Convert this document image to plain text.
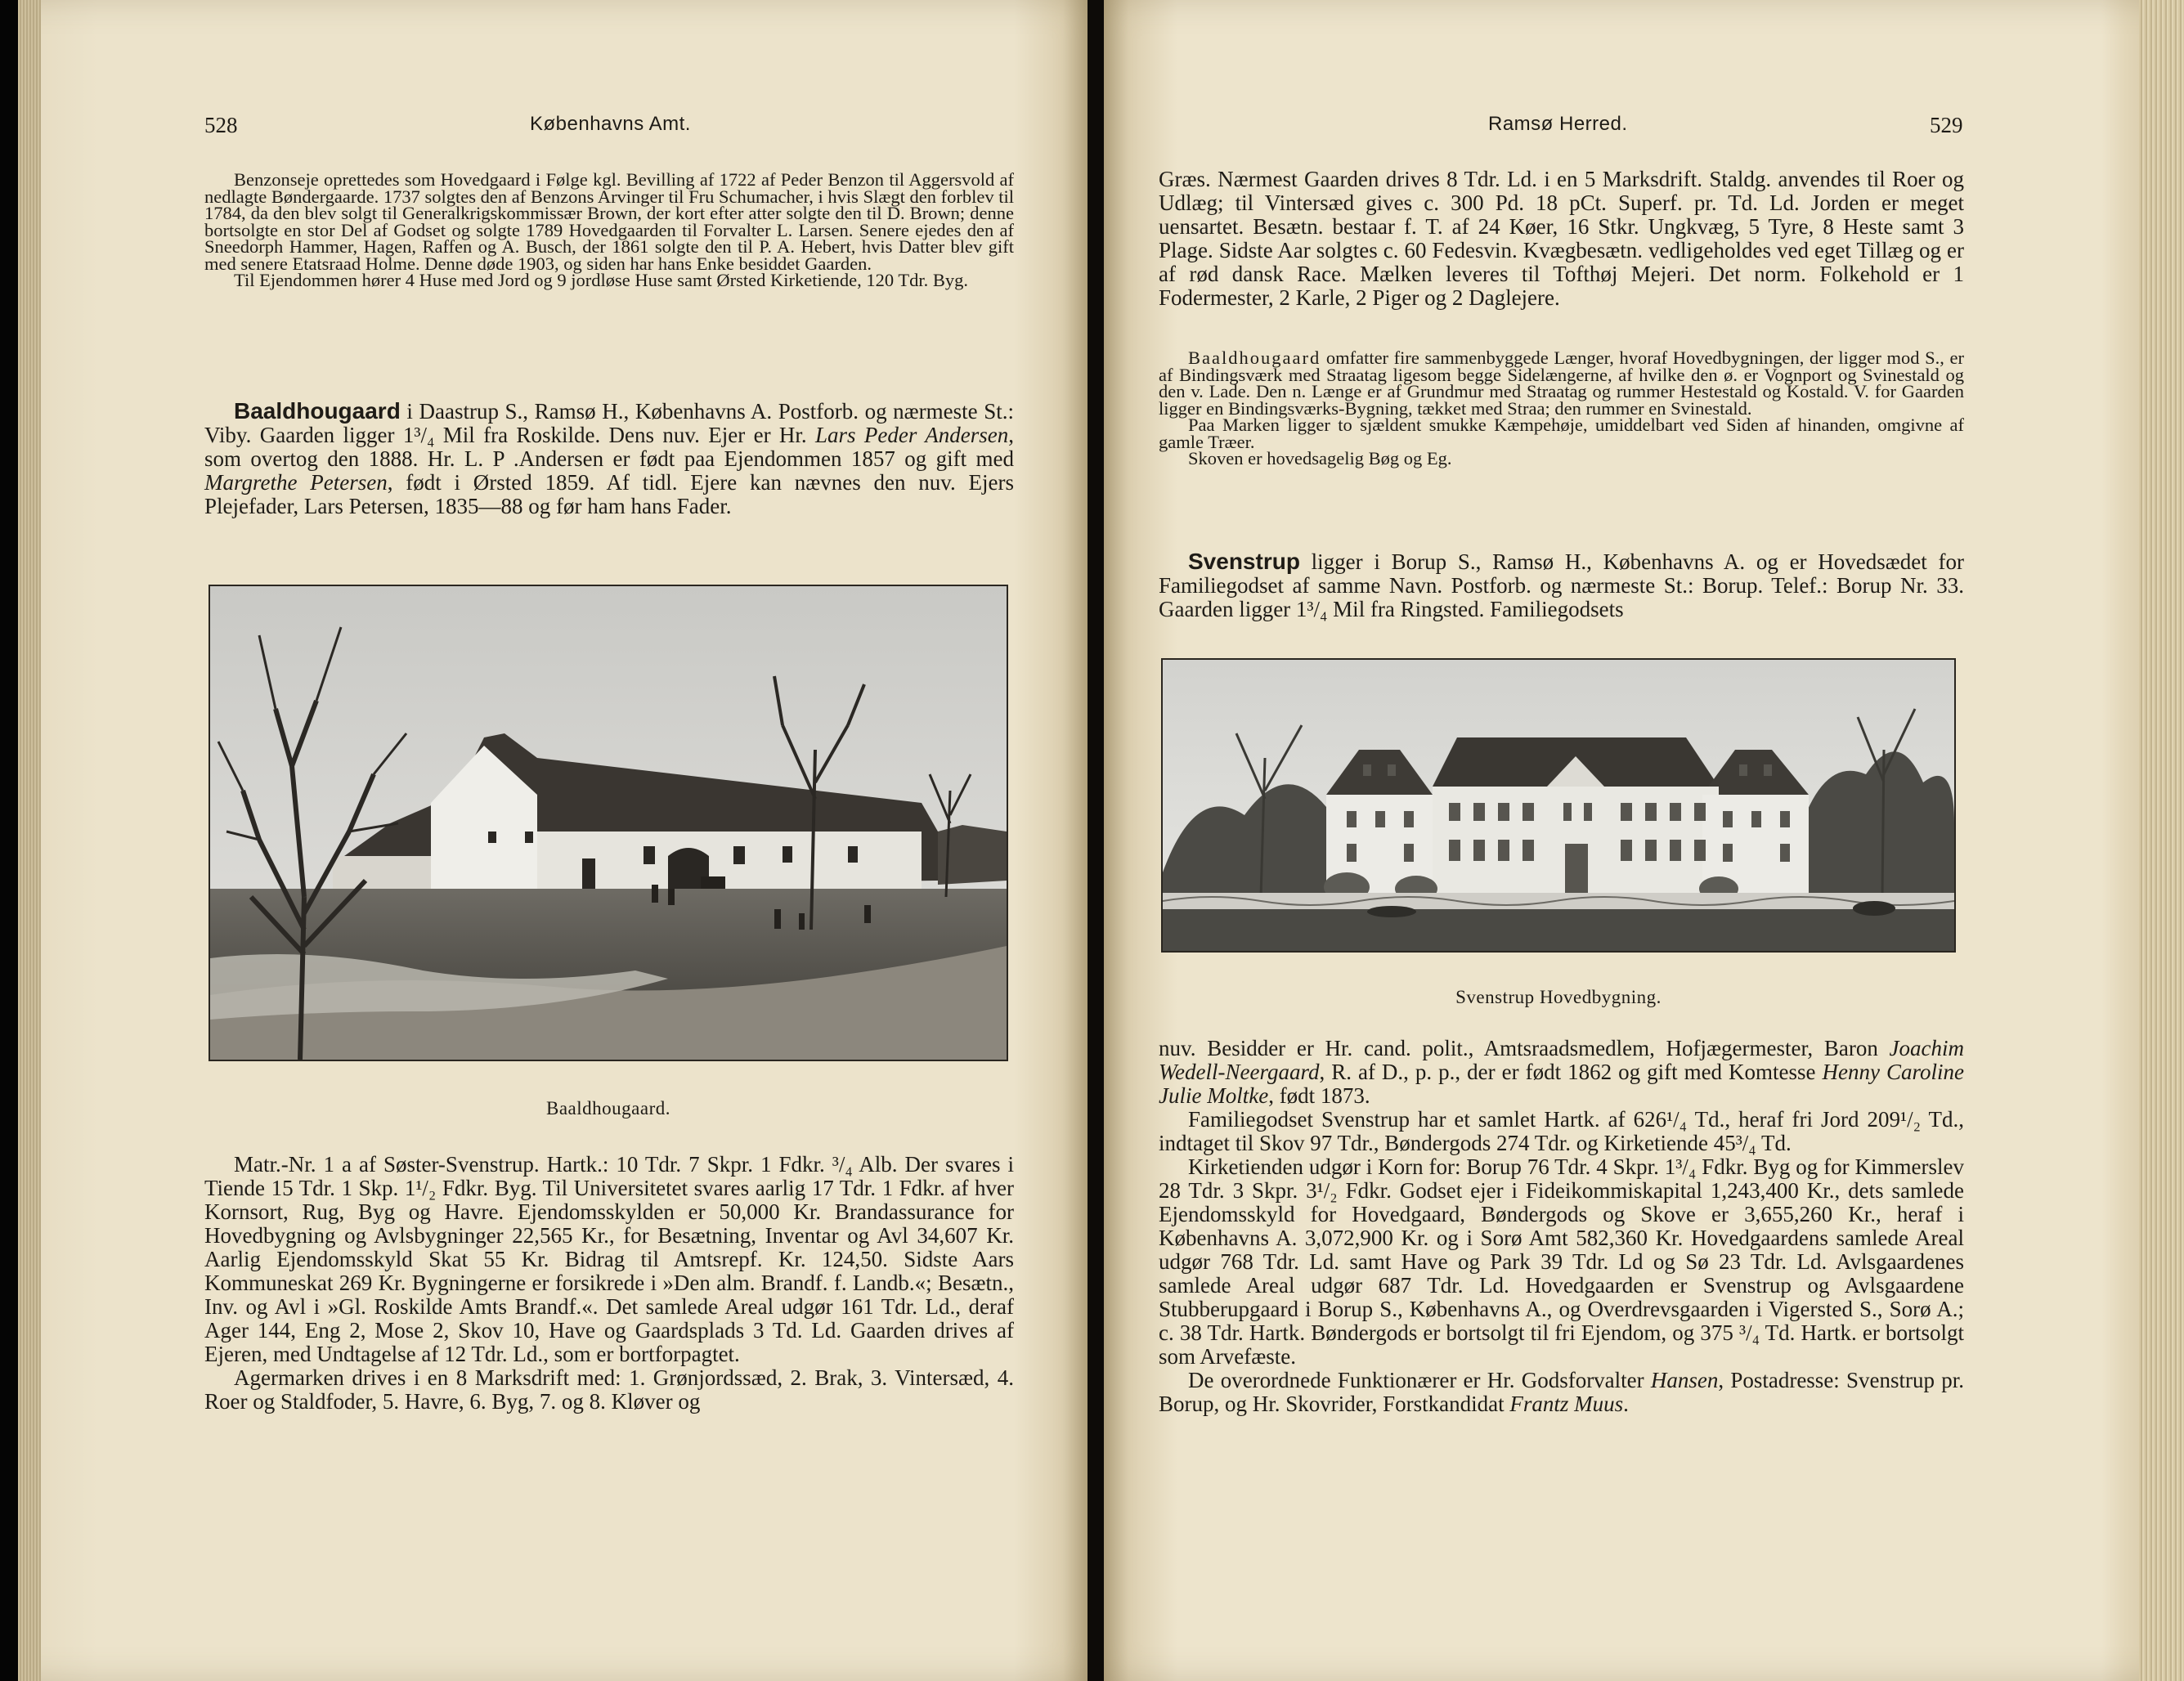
528	Københavns Amt.

Benzonseje oprettedes som Hovedgaard i Følge kgl. Bevilling af 1722 af Peder Benzon til Aggersvold af nedlagte Bøndergaarde. 1737 solgtes den af Benzons Arvinger til Fru Schumacher, i hvis Slægt den forblev til 1784, da den blev solgt til Generalkrigskommissær Brown, der kort efter atter solgte den til D. Brown; denne bortsolgte en stor Del af Godset og solgte 1789 Hovedgaarden til Forvalter L. Larsen. Senere ejedes den af Sneedorph Hammer, Hagen, Raffen og A. Busch, der 1861 solgte den til P. A. Hebert, hvis Datter blev gift med senere Etatsraad Holme. Denne døde 1903, og siden har hans Enke besiddet Gaarden.

Til Ejendommen hører 4 Huse med Jord og 9 jordløse Huse samt Ørsted Kirketiende, 120 Tdr. Byg.

Baaldhougaard i Daastrup S., Ramsø H., Københavns A. Postforb. og nærmeste St.: Viby. Gaarden ligger 1³/₄ Mil fra Roskilde. Dens nuv. Ejer er Hr. Lars Peder Andersen, som overtog den 1888. Hr. L. P .Andersen er født paa Ejendommen 1857 og gift med Margrethe Petersen, født i Ørsted 1859. Af tidl. Ejere kan nævnes den nuv. Ejers Plejefader, Lars Petersen, 1835—88 og før ham hans Fader.

Baaldhougaard.

Matr.-Nr. 1 a af Søster-Svenstrup. Hartk.: 10 Tdr. 7 Skpr. 1 Fdkr. ³/₄ Alb. Der svares i Tiende 15 Tdr. 1 Skp. 1¹/₂ Fdkr. Byg. Til Universitetet svares aarlig 17 Tdr. 1 Fdkr. af hver Kornsort, Rug, Byg og Havre. Ejendomsskylden er 50,000 Kr. Brandassurance for Hovedbygning og Avlsbygninger 22,565 Kr., for Besætning, Inventar og Avl 34,607 Kr. Aarlig Ejendomsskyld Skat 55 Kr. Bidrag til Amtsrepf. Kr. 124,50. Sidste Aars Kommuneskat 269 Kr. Bygningerne er forsikrede i »Den alm. Brandf. f. Landb.«; Besætn., Inv. og Avl i »Gl. Roskilde Amts Brandf.«. Det samlede Areal udgør 161 Tdr. Ld., deraf Ager 144, Eng 2, Mose 2, Skov 10, Have og Gaardsplads 3 Td. Ld. Gaarden drives af Ejeren, med Undtagelse af 12 Tdr. Ld., som er bortforpagtet.

Agermarken drives i en 8 Marksdrift med: 1. Grønjordssæd, 2. Brak, 3. Vintersæd, 4. Roer og Staldfoder, 5. Havre, 6. Byg, 7. og 8. Kløver og

Ramsø Herred.	529

Græs. Nærmest Gaarden drives 8 Tdr. Ld. i en 5 Marksdrift. Staldg. anvendes til Roer og Udlæg; til Vintersæd gives c. 300 Pd. 18 pCt. Superf. pr. Td. Ld. Jorden er meget uensartet. Besætn. bestaar f. T. af 24 Køer, 16 Stkr. Ungkvæg, 5 Tyre, 8 Heste samt 3 Plage. Sidste Aar solgtes c. 60 Fedesvin. Kvægbesætn. vedligeholdes ved eget Tillæg og er af rød dansk Race. Mælken leveres til Tofthøj Mejeri. Det norm. Folkehold er 1 Fodermester, 2 Karle, 2 Piger og 2 Daglejere.

Baaldhougaard omfatter fire sammenbyggede Længer, hvoraf Hovedbygningen, der ligger mod S., er af Bindingsværk med Straatag ligesom begge Sidelængerne, af hvilke den ø. er Vognport og Svinestald og den v. Lade. Den n. Længe er af Grundmur med Straatag og rummer Hestestald og Kostald. V. for Gaarden ligger en Bindingsværks-Bygning, tækket med Straa; den rummer en Svinestald.

Paa Marken ligger to sjældent smukke Kæmpehøje, umiddelbart ved Siden af hinanden, omgivne af gamle Træer.

Skoven er hovedsagelig Bøg og Eg.

Svenstrup ligger i Borup S., Ramsø H., Københavns A. og er Hovedsædet for Familiegodset af samme Navn. Postforb. og nærmeste St.: Borup. Telef.: Borup Nr. 33. Gaarden ligger 1³/₄ Mil fra Ringsted. Familiegodsets

Svenstrup Hovedbygning.

nuv. Besidder er Hr. cand. polit., Amtsraadsmedlem, Hofjægermester, Baron Joachim Wedell-Neergaard, R. af D., p. p., der er født 1862 og gift med Komtesse Henny Caroline Julie Moltke, født 1873.

Familiegodset Svenstrup har et samlet Hartk. af 626¹/₄ Td., heraf fri Jord 209¹/₂ Td., indtaget til Skov 97 Tdr., Bøndergods 274 Tdr. og Kirketiende 45³/₄ Td.

Kirketienden udgør i Korn for: Borup 76 Tdr. 4 Skpr. 1³/₄ Fdkr. Byg og for Kimmerslev 28 Tdr. 3 Skpr. 3¹/₂ Fdkr. Godset ejer i Fideikommiskapital 1,243,400 Kr., dets samlede Ejendomsskyld for Hovedgaard, Bøndergods og Skove er 3,655,260 Kr., heraf i Københavns A. 3,072,900 Kr. og i Sorø Amt 582,360 Kr. Hovedgaardens samlede Areal udgør 768 Tdr. Ld. samt Have og Park 39 Tdr. Ld og Sø 23 Tdr. Ld. Avlsgaardenes samlede Areal udgør 687 Tdr. Ld. Hovedgaarden er Svenstrup og Avlsgaardene Stubberupgaard i Borup S., Københavns A., og Overdrevsgaarden i Vigersted S., Sorø A.; c. 38 Tdr. Hartk. Bøndergods er bortsolgt til fri Ejendom, og 375 ³/₄ Td. Hartk. er bortsolgt som Arvefæste.

De overordnede Funktionærer er Hr. Godsforvalter Hansen, Postadresse: Svenstrup pr. Borup, og Hr. Skovrider, Forstkandidat Frantz Muus.
